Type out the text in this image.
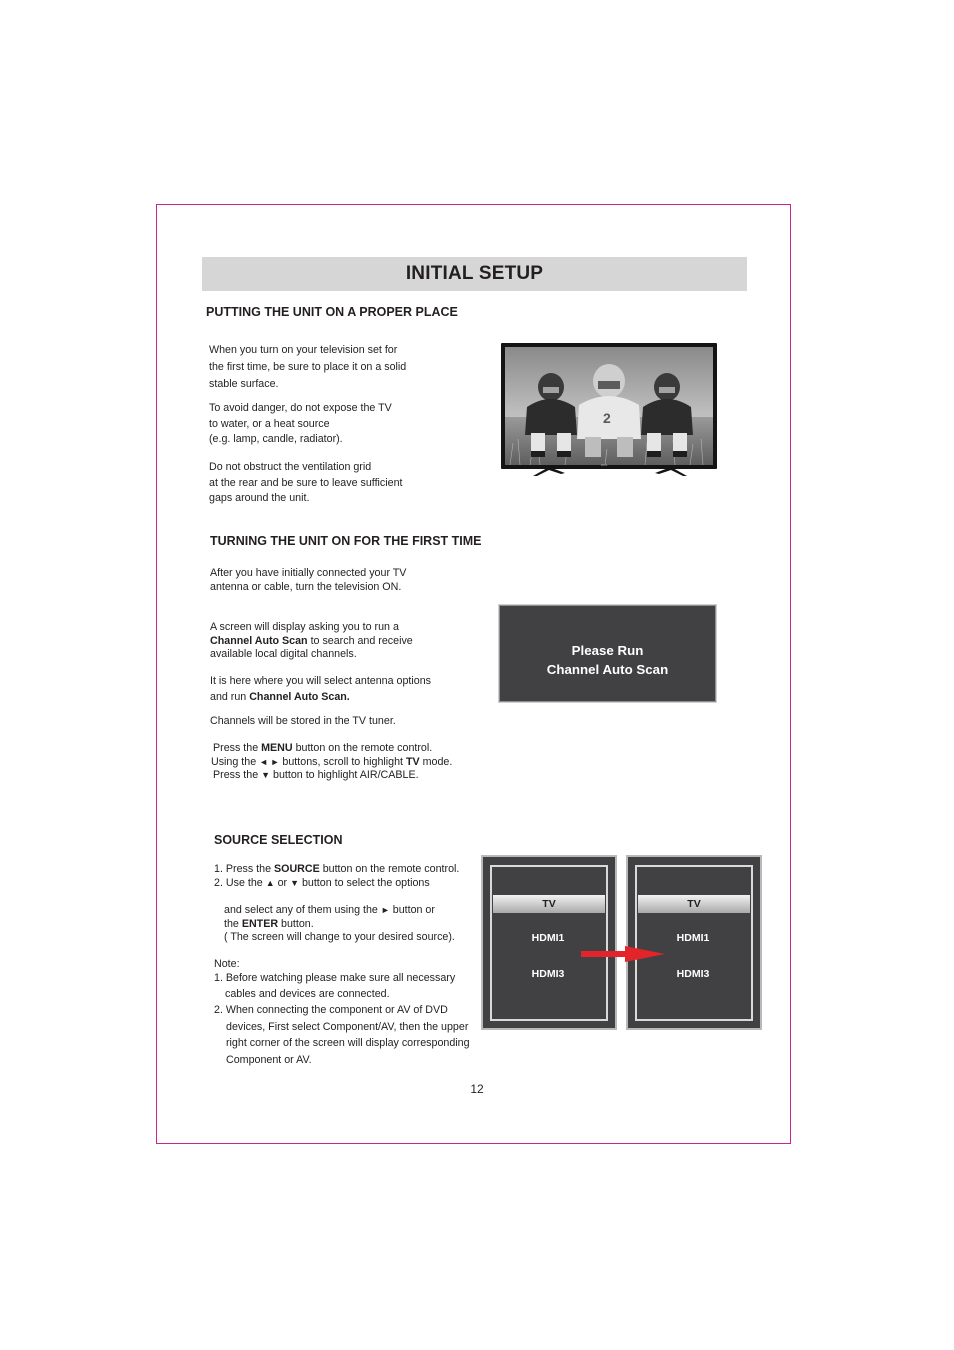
INITIAL SETUP
PUTTING THE UNIT ON A PROPER PLACE
When you turn on your television set for
the first time, be sure to place it on a solid
stable surface.
To avoid danger, do not expose the TV
to water, or a heat source
(e.g. lamp, candle, radiator).
Do not obstruct the ventilation grid
at the rear and be sure to leave sufficient
gaps around the unit.
2
RCA
TURNING THE UNIT ON FOR THE FIRST TIME
After you have initially connected your TV
antenna or cable, turn the television ON.
A screen will display asking you to run a
Channel Auto Scan to search and receive
available local digital channels.
It is here where you will select antenna options
and run Channel Auto Scan.
Channels will be stored in the TV tuner.
Press the MENU button on the remote control.
Using the ◄ ► buttons, scroll to highlight TV mode.
Press the ▼ button to highlight AIR/CABLE.
Please Run
Channel Auto Scan
SOURCE SELECTION
1. Press the SOURCE button on the remote control.
2. Use the ▲ or ▼ button to select the options
and select any of them using the ► button or
the ENTER button.
( The screen will change to your desired source).
Note:
1. Before watching please make sure all necessary
cables and devices are connected.
2. When connecting the component or AV of DVD
devices, First select Component/AV, then the upper
right corner of the screen will display corresponding
Component or AV.
TV
HDMI1
HDMI3
TV
HDMI1
HDMI3
12
